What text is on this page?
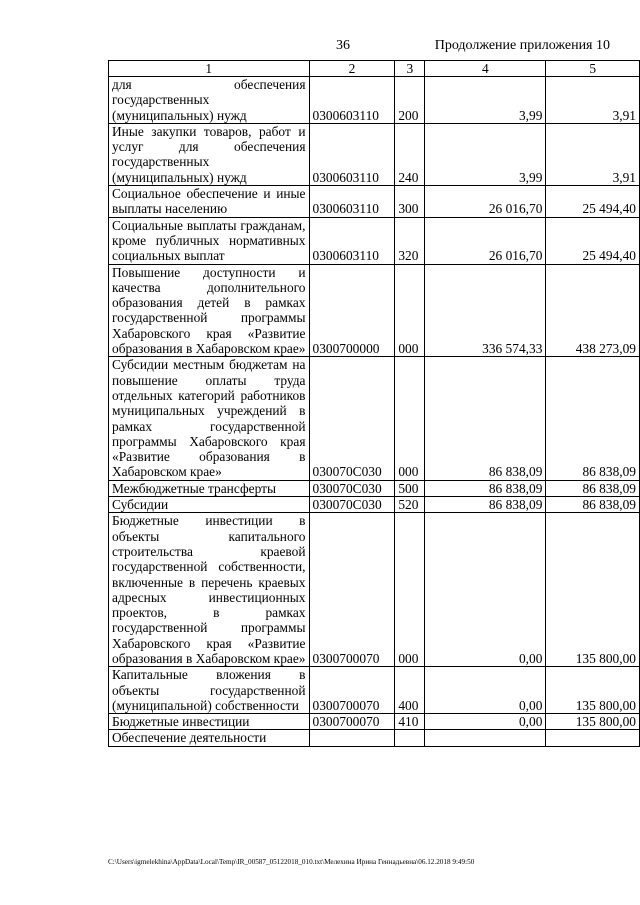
36	Продолжение приложения 10
1	2	3	4	5
для обеспечения государственных (муниципальных) нужд	0300603110	200	3,99	3,91
Иные закупки товаров, работ и услуг для обеспечения государственных (муниципальных) нужд	0300603110	240	3,99	3,91
Социальное обеспечение и иные выплаты населению	0300603110	300	26 016,70	25 494,40
Социальные выплаты гражданам, кроме публичных нормативных социальных выплат	0300603110	320	26 016,70	25 494,40
Повышение доступности и качества дополнительного образования детей в рамках государственной программы Хабаровского края «Развитие образования в Хабаровском крае»	0300700000	000	336 574,33	438 273,09
Субсидии местным бюджетам на повышение оплаты труда отдельных категорий работников муниципальных учреждений в рамках государственной программы Хабаровского края «Развитие образования в Хабаровском крае»	030070С030	000	86 838,09	86 838,09
Межбюджетные трансферты	030070С030	500	86 838,09	86 838,09
Субсидии	030070С030	520	86 838,09	86 838,09
Бюджетные инвестиции в объекты капитального строительства краевой государственной собственности, включенные в перечень краевых адресных инвестиционных проектов, в рамках государственной программы Хабаровского края «Развитие образования в Хабаровском крае»	0300700070	000	0,00	135 800,00
Капитальные вложения в объекты государственной (муниципальной) собственности	0300700070	400	0,00	135 800,00
Бюджетные инвестиции	0300700070	410	0,00	135 800,00
Обеспечение деятельности				
C:\Users\igmelekhina\AppData\Local\Temp\IR_00587_05122018_010.txt\Мелехина Ирина Геннадьевна\06.12.2018 9:49:50
